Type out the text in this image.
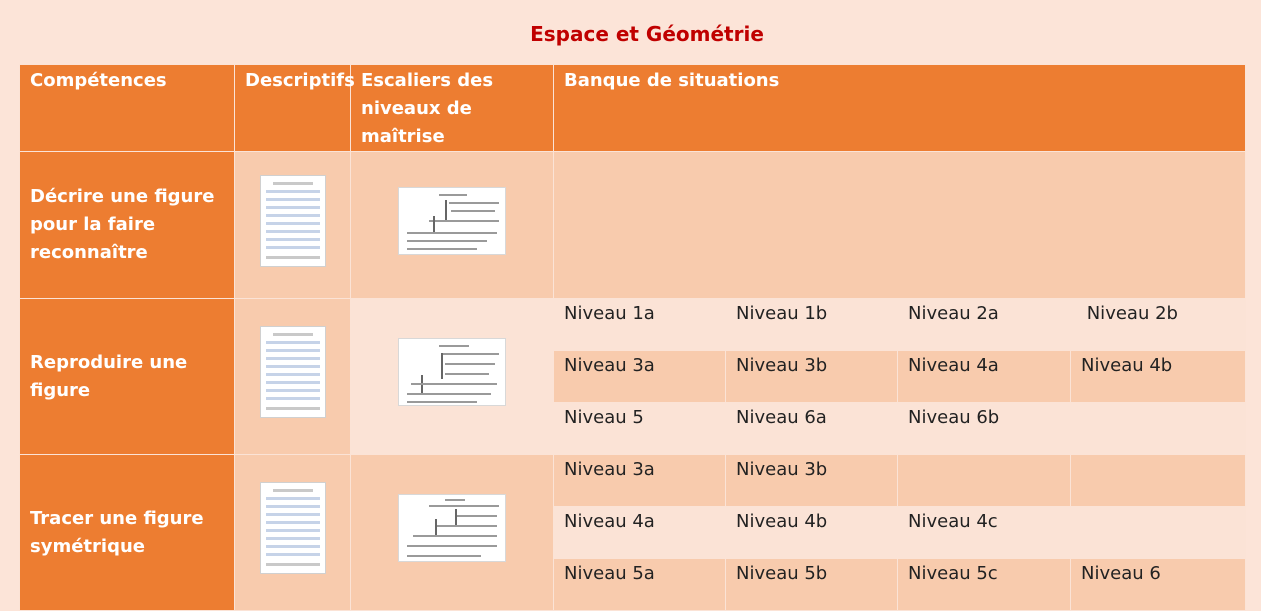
Espace et Géométrie
Compétences	Descriptifs	Escaliers des niveaux de maîtrise	Banque de situations			
Décrire une figure pour la faire reconnaître				

Reproduire une figure			Niveau 1a	Niveau 1b	Niveau 2a	Niveau 2b
			Niveau 3a	Niveau 3b	Niveau 4a	Niveau 4b
			Niveau 5	Niveau 6a	Niveau 6b	
Tracer une figure symétrique			Niveau 3a	Niveau 3b		
			Niveau 4a	Niveau 4b	Niveau 4c	
			Niveau 5a	Niveau 5b	Niveau 5c	Niveau 6
